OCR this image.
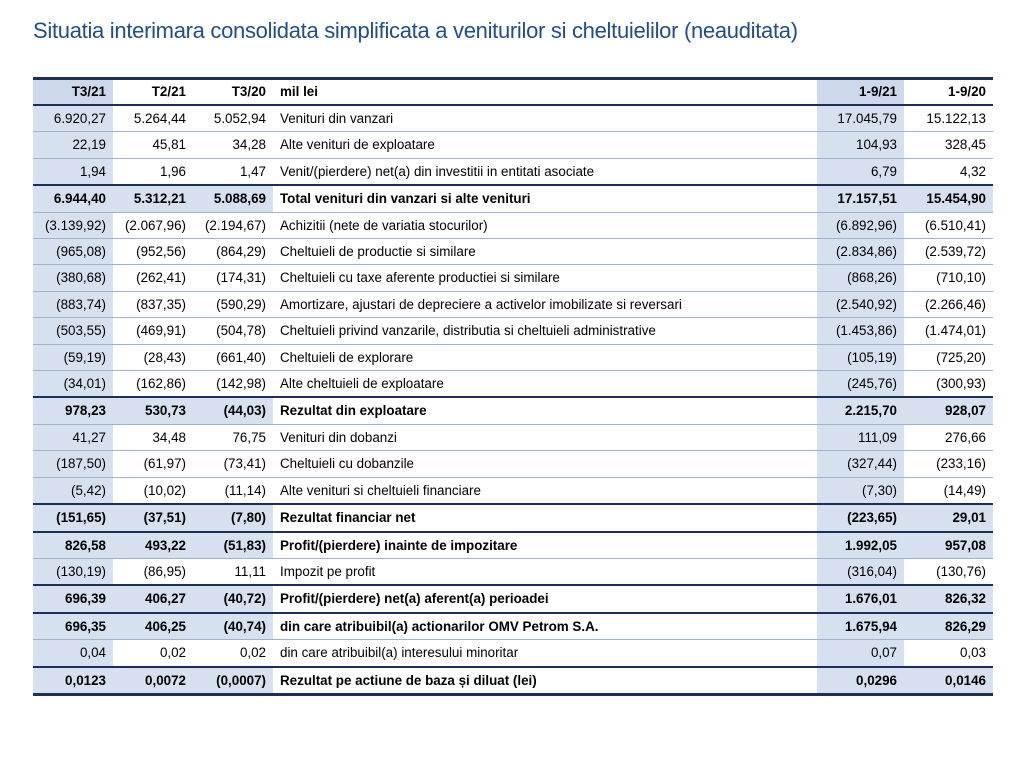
Situatia interimara consolidata simplificata a veniturilor si cheltuielilor (neauditata)
T3/21	T2/21	T3/20	mil lei	1-9/21	1-9/20
6.920,27	5.264,44	5.052,94	Venituri din vanzari	17.045,79	15.122,13
22,19	45,81	34,28	Alte venituri de exploatare	104,93	328,45
1,94	1,96	1,47	Venit/(pierdere) net(a) din investitii in entitati asociate	6,79	4,32
6.944,40	5.312,21	5.088,69	Total venituri din vanzari si alte venituri	17.157,51	15.454,90
(3.139,92)	(2.067,96)	(2.194,67)	Achizitii (nete de variatia stocurilor)	(6.892,96)	(6.510,41)
(965,08)	(952,56)	(864,29)	Cheltuieli de productie si similare	(2.834,86)	(2.539,72)
(380,68)	(262,41)	(174,31)	Cheltuieli cu taxe aferente productiei si similare	(868,26)	(710,10)
(883,74)	(837,35)	(590,29)	Amortizare, ajustari de depreciere a activelor imobilizate si reversari	(2.540,92)	(2.266,46)
(503,55)	(469,91)	(504,78)	Cheltuieli privind vanzarile, distributia si cheltuieli administrative	(1.453,86)	(1.474,01)
(59,19)	(28,43)	(661,40)	Cheltuieli de explorare	(105,19)	(725,20)
(34,01)	(162,86)	(142,98)	Alte cheltuieli de exploatare	(245,76)	(300,93)
978,23	530,73	(44,03)	Rezultat din exploatare	2.215,70	928,07
41,27	34,48	76,75	Venituri din dobanzi	111,09	276,66
(187,50)	(61,97)	(73,41)	Cheltuieli cu dobanzile	(327,44)	(233,16)
(5,42)	(10,02)	(11,14)	Alte venituri si cheltuieli financiare	(7,30)	(14,49)
(151,65)	(37,51)	(7,80)	Rezultat financiar net	(223,65)	29,01
826,58	493,22	(51,83)	Profit/(pierdere) inainte de impozitare	1.992,05	957,08
(130,19)	(86,95)	11,11	Impozit pe profit	(316,04)	(130,76)
696,39	406,27	(40,72)	Profit/(pierdere) net(a) aferent(a) perioadei	1.676,01	826,32
696,35	406,25	(40,74)	din care atribuibil(a) actionarilor OMV Petrom S.A.	1.675,94	826,29
0,04	0,02	0,02	din care atribuibil(a) interesului minoritar	0,07	0,03
0,0123	0,0072	(0,0007)	Rezultat pe actiune de baza și diluat (lei)	0,0296	0,0146
